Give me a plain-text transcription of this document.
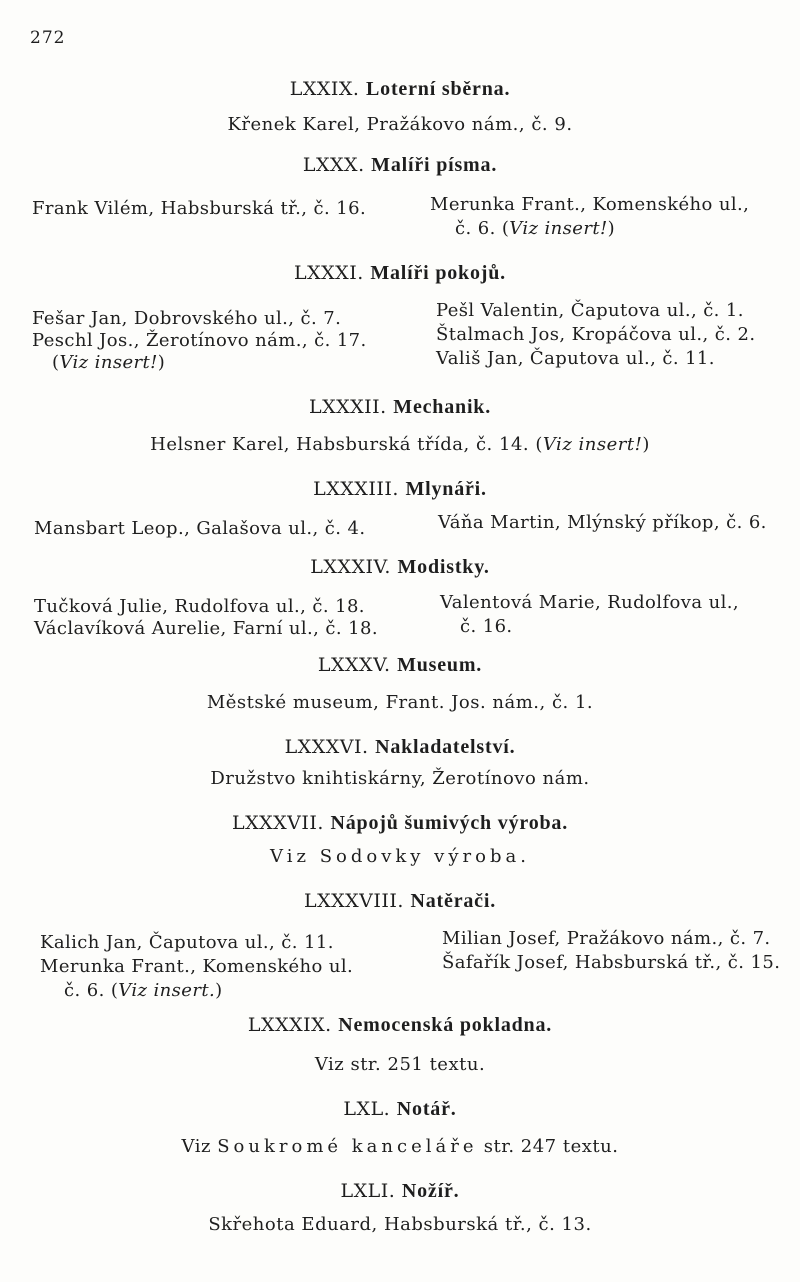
272
LXXIX. Loterní sběrna.
Křenek Karel, Pražákovo nám., č. 9.
LXXX. Malíři písma.
Frank Vilém, Habsburská tř., č. 16.	Merunka Frant., Komenského ul.,
č. 6. (Viz insert!)
LXXXI. Malíři pokojů.
Fešar Jan, Dobrovského ul., č. 7.
Peschl Jos., Žerotínovo nám., č. 17.
(Viz insert!)
Pešl Valentin, Čaputova ul., č. 1.
Štalmach Jos, Kropáčova ul., č. 2.
Vališ Jan, Čaputova ul., č. 11.
LXXXII. Mechanik.
Helsner Karel, Habsburská třída, č. 14. (Viz insert!)
LXXXIII. Mlynáři.
Mansbart Leop., Galašova ul., č. 4.	Váňa Martin, Mlýnský příkop, č. 6.
LXXXIV. Modistky.
Tučková Julie, Rudolfova ul., č. 18.
Václavíková Aurelie, Farní ul., č. 18.
Valentová Marie, Rudolfova ul.,
č. 16.
LXXXV. Museum.
Městské museum, Frant. Jos. nám., č. 1.
LXXXVI. Nakladatelství.
Družstvo knihtiskárny, Žerotínovo nám.
LXXXVII. Nápojů šumivých výroba.
Viz Sodovky výroba.
LXXXVIII. Natěrači.
Kalich Jan, Čaputova ul., č. 11.
Merunka Frant., Komenského ul.
č. 6. (Viz insert.)
Milian Josef, Pražákovo nám., č. 7.
Šafařík Josef, Habsburská tř., č. 15.
LXXXIX. Nemocenská pokladna.
Viz str. 251 textu.
LXL. Notář.
Viz Soukromé kanceláře str. 247 textu.
LXLI. Nožíř.
Skřehota Eduard, Habsburská tř., č. 13.
